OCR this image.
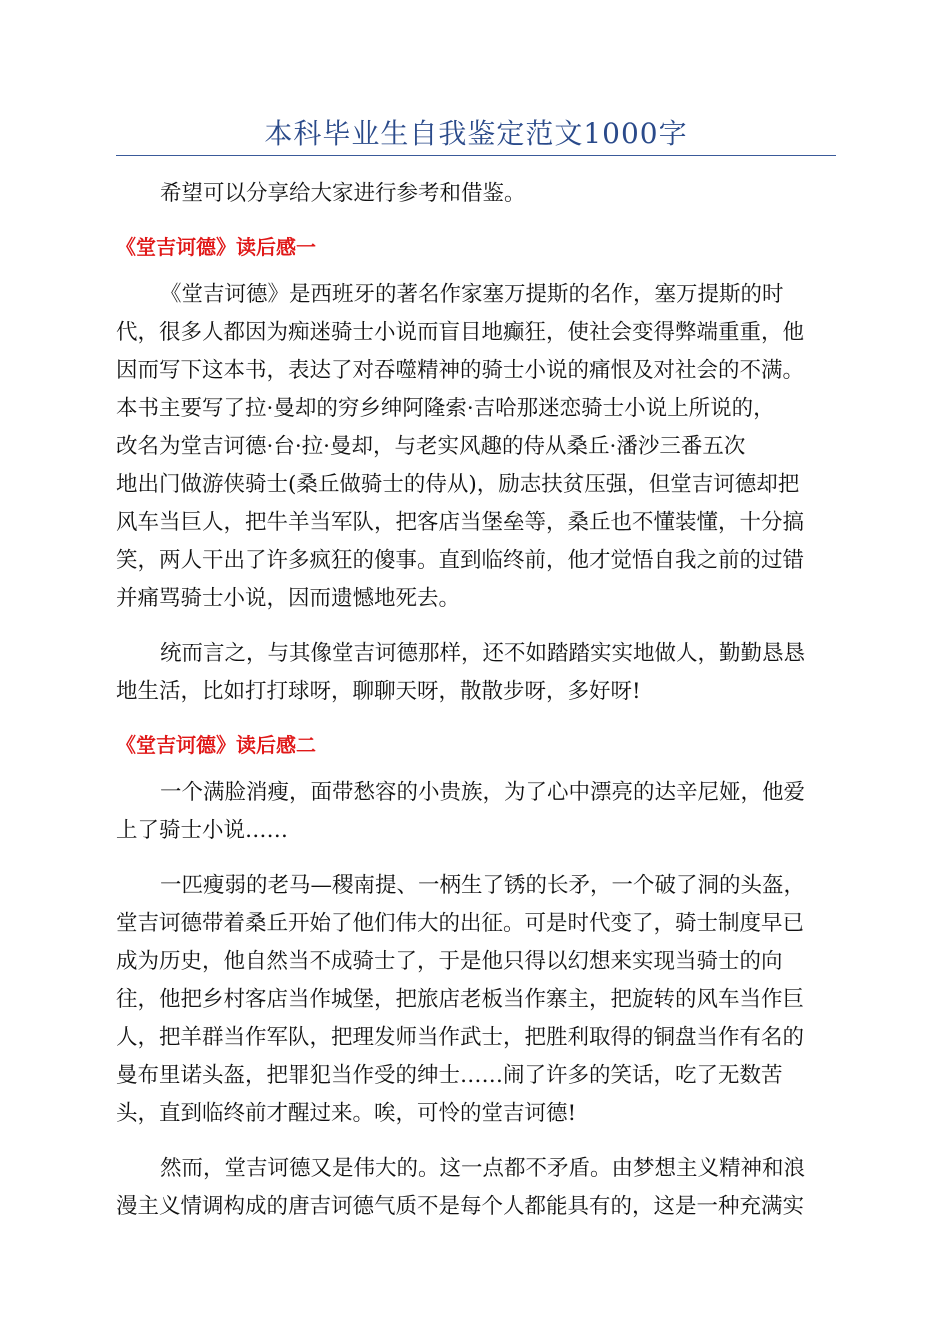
本科毕业生自我鉴定范文1000字
希望可以分享给大家进行参考和借鉴。
《堂吉诃德》读后感一
《堂吉诃德》是西班牙的著名作家塞万提斯的名作，塞万提斯的时
代，很多人都因为痴迷骑士小说而盲目地癫狂，使社会变得弊端重重，他
因而写下这本书，表达了对吞噬精神的骑士小说的痛恨及对社会的不满。
本书主要写了拉·曼却的穷乡绅阿隆索·吉哈那迷恋骑士小说上所说的，
改名为堂吉诃德·台·拉·曼却，与老实风趣的侍从桑丘·潘沙三番五次
地出门做游侠骑士(桑丘做骑士的侍从)，励志扶贫压强，但堂吉诃德却把
风车当巨人，把牛羊当军队，把客店当堡垒等，桑丘也不懂装懂，十分搞
笑，两人干出了许多疯狂的傻事。直到临终前，他才觉悟自我之前的过错
并痛骂骑士小说，因而遗憾地死去。
统而言之，与其像堂吉诃德那样，还不如踏踏实实地做人，勤勤恳恳
地生活，比如打打球呀，聊聊天呀，散散步呀，多好呀!
《堂吉诃德》读后感二
一个满脸消瘦，面带愁容的小贵族，为了心中漂亮的达辛尼娅，他爱
上了骑士小说……
一匹瘦弱的老马—稷南提、一柄生了锈的长矛，一个破了洞的头盔，
堂吉诃德带着桑丘开始了他们伟大的出征。可是时代变了，骑士制度早已
成为历史，他自然当不成骑士了，于是他只得以幻想来实现当骑士的向
往，他把乡村客店当作城堡，把旅店老板当作寨主，把旋转的风车当作巨
人，把羊群当作军队，把理发师当作武士，把胜利取得的铜盘当作有名的
曼布里诺头盔，把罪犯当作受的绅士……闹了许多的笑话，吃了无数苦
头，直到临终前才醒过来。唉，可怜的堂吉诃德!
然而，堂吉诃德又是伟大的。这一点都不矛盾。由梦想主义精神和浪
漫主义情调构成的唐吉诃德气质不是每个人都能具有的，这是一种充满实
